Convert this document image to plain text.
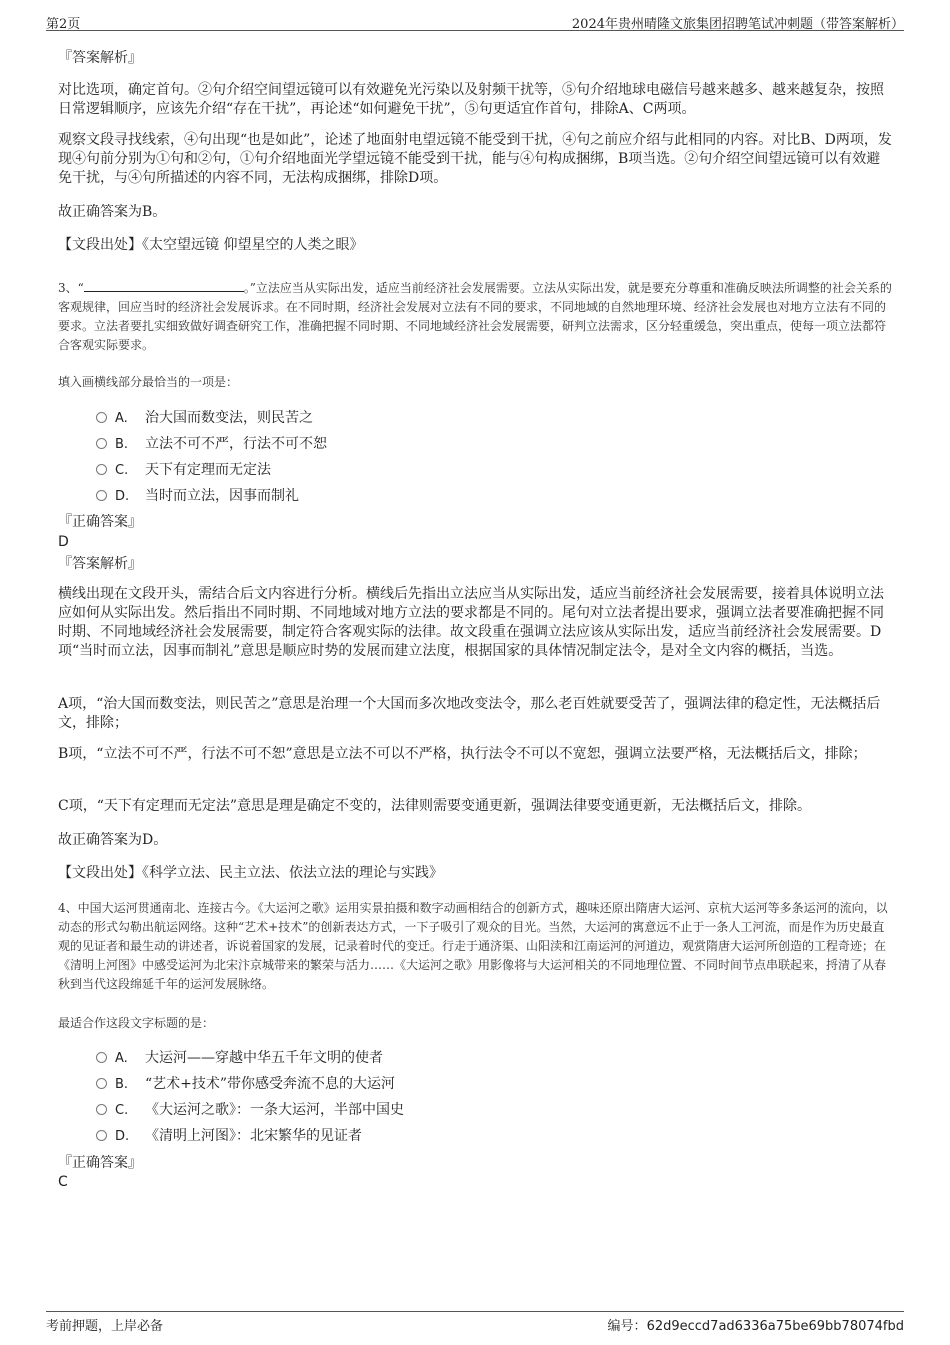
第2页	2024年贵州晴隆文旅集团招聘笔试冲刺题（带答案解析）
『答案解析』
对比选项，确定首句。②句介绍空间望远镜可以有效避免光污染以及射频干扰等，⑤句介绍地球电磁信号越来越多、越来越复杂，按照日常逻辑顺序，应该先介绍“存在干扰”，再论述“如何避免干扰”，⑤句更适宜作首句，排除A、C两项。
观察文段寻找线索，④句出现“也是如此”，论述了地面射电望远镜不能受到干扰，④句之前应介绍与此相同的内容。对比B、D两项，发现④句前分别为①句和②句，①句介绍地面光学望远镜不能受到干扰，能与④句构成捆绑，B项当选。②句介绍空间望远镜可以有效避免干扰，与④句所描述的内容不同，无法构成捆绑，排除D项。
故正确答案为B。
【文段出处】《太空望远镜 仰望星空的人类之眼》
3、“	。”立法应当从实际出发，适应当前经济社会发展需要。立法从实际出发，就是要充分尊重和准确反映法所调整的社会关系的客观规律，回应当时的经济社会发展诉求。在不同时期，经济社会发展对立法有不同的要求，不同地域的自然地理环境、经济社会发展也对地方立法有不同的要求。立法者要扎实细致做好调查研究工作，准确把握不同时期、不同地域经济社会发展需要，研判立法需求，区分轻重缓急，突出重点，使每一项立法都符合客观实际要求。
填入画横线部分最恰当的一项是：
A. 治大国而数变法，则民苦之
B. 立法不可不严，行法不可不恕
C. 天下有定理而无定法
D. 当时而立法，因事而制礼
『正确答案』
D
『答案解析』
横线出现在文段开头，需结合后文内容进行分析。横线后先指出立法应当从实际出发，适应当前经济社会发展需要，接着具体说明立法应如何从实际出发。然后指出不同时期、不同地域对地方立法的要求都是不同的。尾句对立法者提出要求，强调立法者要准确把握不同时期、不同地域经济社会发展需要，制定符合客观实际的法律。故文段重在强调立法应该从实际出发，适应当前经济社会发展需要。D项“当时而立法，因事而制礼”意思是顺应时势的发展而建立法度，根据国家的具体情况制定法令，是对全文内容的概括，当选。
A项，“治大国而数变法，则民苦之”意思是治理一个大国而多次地改变法令，那么老百姓就要受苦了，强调法律的稳定性，无法概括后文，排除；
B项，“立法不可不严，行法不可不恕”意思是立法不可以不严格，执行法令不可以不宽恕，强调立法要严格，无法概括后文，排除；
C项，“天下有定理而无定法”意思是理是确定不变的，法律则需要变通更新，强调法律要变通更新，无法概括后文，排除。
故正确答案为D。
【文段出处】《科学立法、民主立法、依法立法的理论与实践》
4、中国大运河贯通南北、连接古今。《大运河之歌》运用实景拍摄和数字动画相结合的创新方式，趣味还原出隋唐大运河、京杭大运河等多条运河的流向，以动态的形式勾勒出航运网络。这种“艺术+技术”的创新表达方式，一下子吸引了观众的目光。当然，大运河的寓意远不止于一条人工河流，而是作为历史最直观的见证者和最生动的讲述者，诉说着国家的发展，记录着时代的变迁。行走于通济渠、山阳渎和江南运河的河道边，观赏隋唐大运河所创造的工程奇迹；在《清明上河图》中感受运河为北宋汴京城带来的繁荣与活力……《大运河之歌》用影像将与大运河相关的不同地理位置、不同时间节点串联起来，捋清了从春秋到当代这段绵延千年的运河发展脉络。
最适合作这段文字标题的是：
A. 大运河——穿越中华五千年文明的使者
B. “艺术+技术”带你感受奔流不息的大运河
C. 《大运河之歌》：一条大运河，半部中国史
D. 《清明上河图》：北宋繁华的见证者
『正确答案』
C
考前押题，上岸必备	编号：62d9eccd7ad6336a75be69bb78074fbd
